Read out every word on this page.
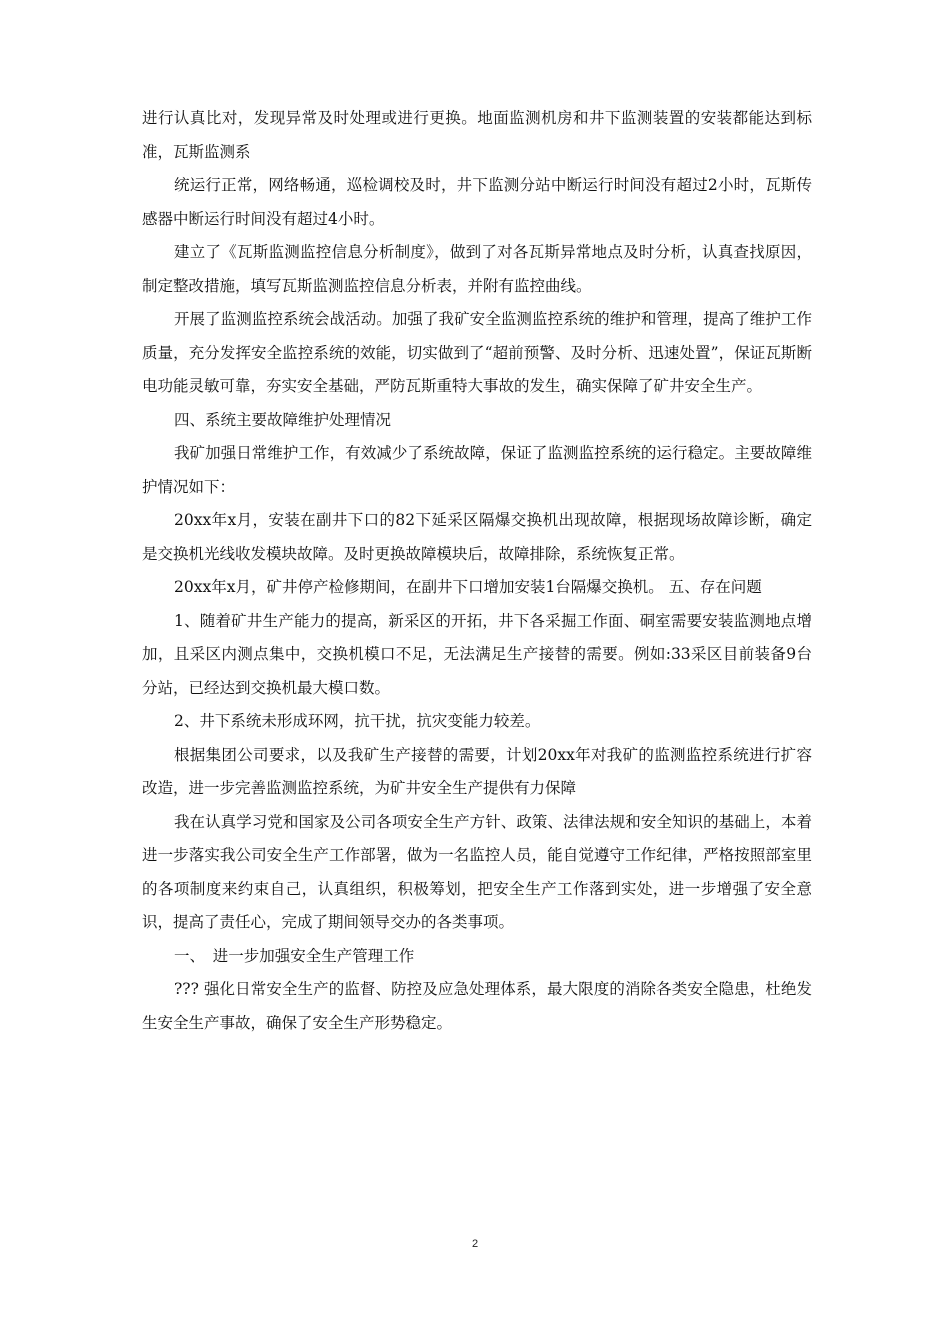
进行认真比对，发现异常及时处理或进行更换。地面监测机房和井下监测装置的安装都能达到标准，瓦斯监测系

统运行正常，网络畅通，巡检调校及时，井下监测分站中断运行时间没有超过2小时，瓦斯传感器中断运行时间没有超过4小时。

建立了《瓦斯监测监控信息分析制度》，做到了对各瓦斯异常地点及时分析，认真查找原因，制定整改措施，填写瓦斯监测监控信息分析表，并附有监控曲线。

开展了监测监控系统会战活动。加强了我矿安全监测监控系统的维护和管理，提高了维护工作质量，充分发挥安全监控系统的效能，切实做到了“超前预警、及时分析、迅速处置”，保证瓦斯断电功能灵敏可靠，夯实安全基础，严防瓦斯重特大事故的发生，确实保障了矿井安全生产。

四、系统主要故障维护处理情况

我矿加强日常维护工作，有效减少了系统故障，保证了监测监控系统的运行稳定。主要故障维护情况如下：

20xx年x月，安装在副井下口的82下延采区隔爆交换机出现故障，根据现场故障诊断，确定是交换机光线收发模块故障。及时更换故障模块后，故障排除，系统恢复正常。

20xx年x月，矿井停产检修期间，在副井下口增加安装1台隔爆交换机。 五、存在问题

1、随着矿井生产能力的提高，新采区的开拓，井下各采掘工作面、硐室需要安装监测地点增加，且采区内测点集中，交换机模口不足，无法满足生产接替的需要。例如:33采区目前装备9台分站，已经达到交换机最大模口数。

2、井下系统未形成环网，抗干扰，抗灾变能力较差。

根据集团公司要求，以及我矿生产接替的需要，计划20xx年对我矿的监测监控系统进行扩容改造，进一步完善监测监控系统，为矿井安全生产提供有力保障

我在认真学习党和国家及公司各项安全生产方针、政策、法律法规和安全知识的基础上，本着进一步落实我公司安全生产工作部署，做为一名监控人员，能自觉遵守工作纪律，严格按照部室里的各项制度来约束自己，认真组织，积极筹划，把安全生产工作落到实处，进一步增强了安全意识，提高了责任心，完成了期间领导交办的各类事项。

一、　进一步加强安全生产管理工作

??? 强化日常安全生产的监督、防控及应急处理体系，最大限度的消除各类安全隐患，杜绝发生安全生产事故，确保了安全生产形势稳定。

2
